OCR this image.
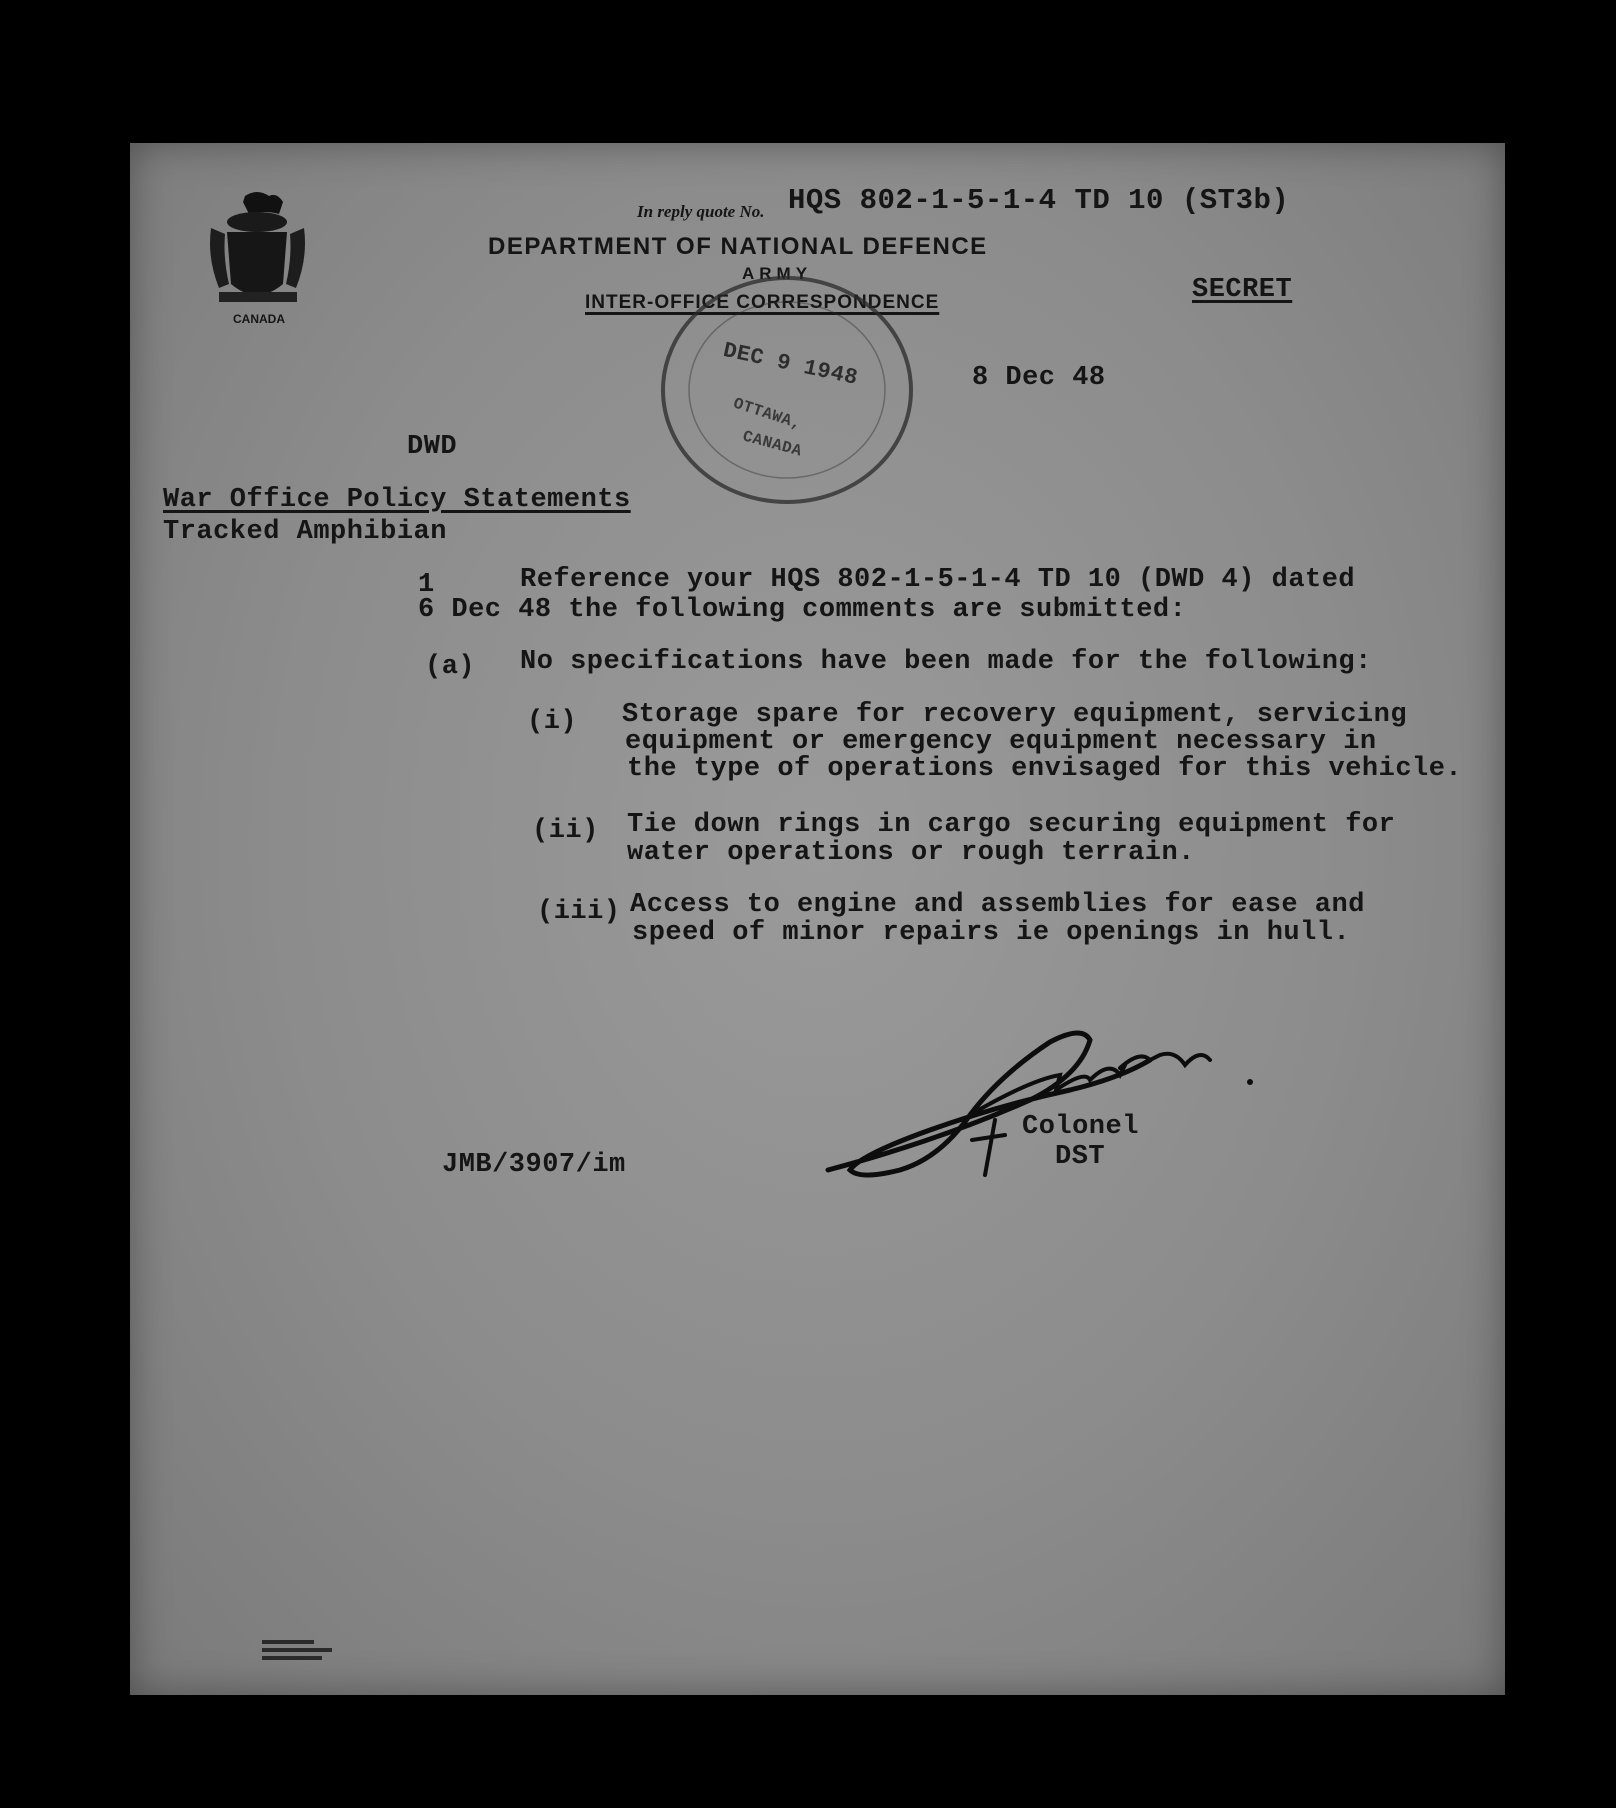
CANADA
In reply quote No. HQS 802-1-5-1-4 TD 10 (ST3b)
DEPARTMENT OF NATIONAL DEFENCE
ARMY
INTER-OFFICE CORRESPONDENCE	SECRET
DEC 9 1948
OTTAWA,
CANADA
8 Dec 48
DWD
War Office Policy Statements
Tracked Amphibian
1	Reference your HQS 802-1-5-1-4 TD 10 (DWD 4) dated
6 Dec 48 the following comments are submitted:
(a) No specifications have been made for the following:
(i) Storage spare for recovery equipment, servicing
equipment or emergency equipment necessary in
the type of operations envisaged for this vehicle.
(ii) Tie down rings in cargo securing equipment for
water operations or rough terrain.
(iii) Access to engine and assemblies for ease and
speed of minor repairs ie openings in hull.
Colonel
DST
JMB/3907/im
